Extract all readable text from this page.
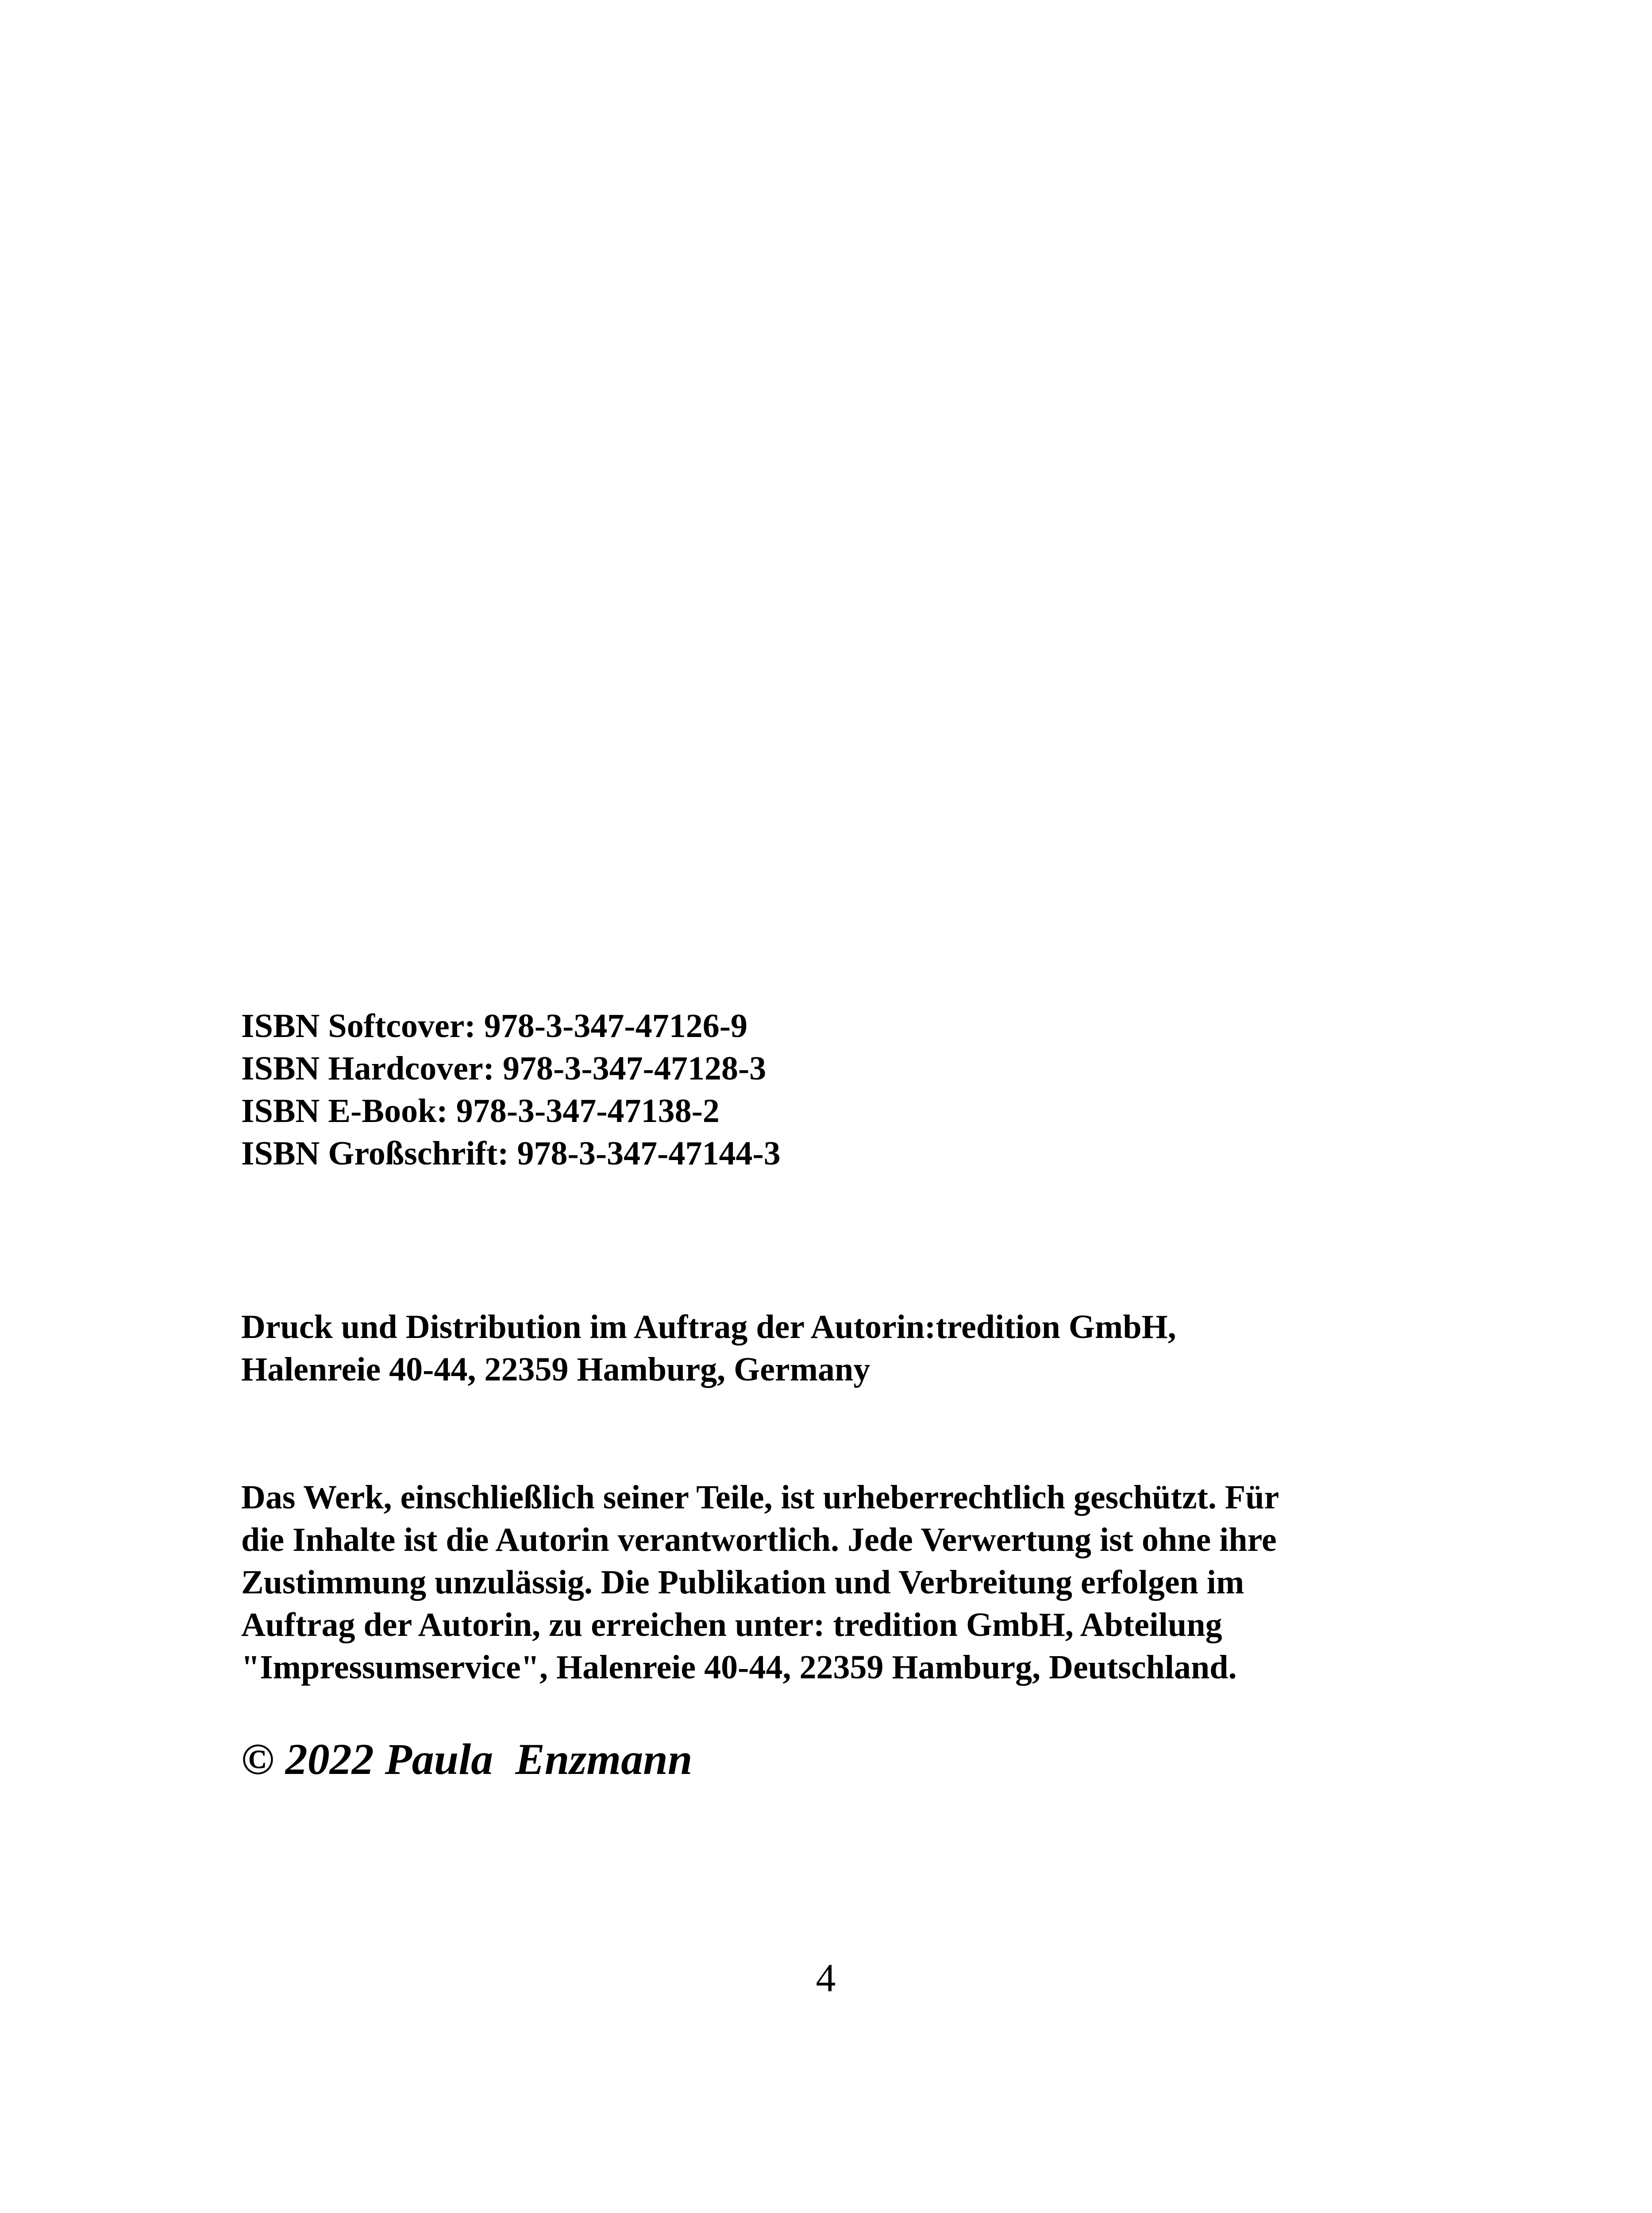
ISBN Softcover: 978-3-347-47126-9
ISBN Hardcover: 978-3-347-47128-3
ISBN E-Book: 978-3-347-47138-2
ISBN Großschrift: 978-3-347-47144-3
Druck und Distribution im Auftrag der Autorin:tredition GmbH,
Halenreie 40-44, 22359 Hamburg, Germany
Das Werk, einschließlich seiner Teile, ist urheberrechtlich geschützt. Für
die Inhalte ist die Autorin verantwortlich. Jede Verwertung ist ohne ihre
Zustimmung unzulässig. Die Publikation und Verbreitung erfolgen im
Auftrag der Autorin, zu erreichen unter: tredition GmbH, Abteilung
"Impressumservice", Halenreie 40-44, 22359 Hamburg, Deutschland.

© 2022 Paula  Enzmann

4
